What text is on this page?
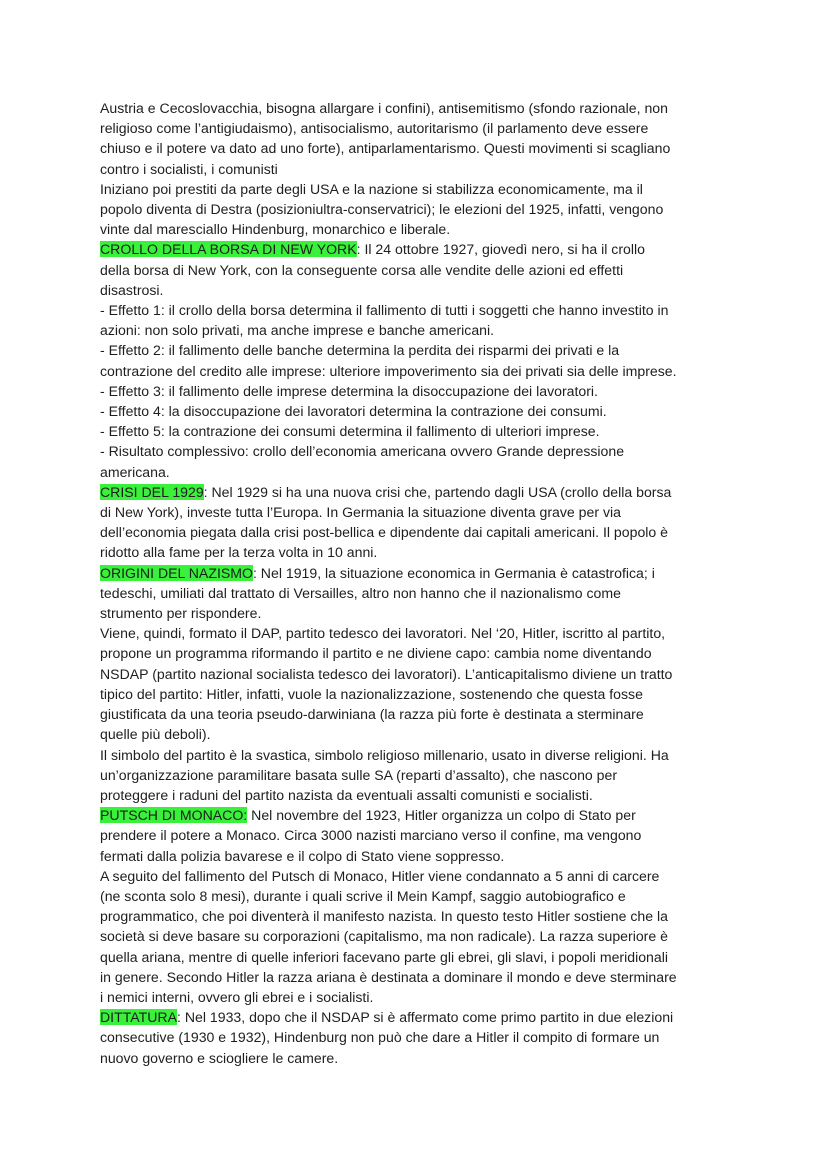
Austria e Cecoslovacchia, bisogna allargare i confini), antisemitismo (sfondo razionale, non
religioso come l’antigiudaismo), antisocialismo, autoritarismo (il parlamento deve essere
chiuso e il potere va dato ad uno forte), antiparlamentarismo. Questi movimenti si scagliano
contro i socialisti, i comunisti
Iniziano poi prestiti da parte degli USA e la nazione si stabilizza economicamente, ma il
popolo diventa di Destra (posizioniultra-conservatrici); le elezioni del 1925, infatti, vengono
vinte dal maresciallo Hindenburg, monarchico e liberale.
CROLLO DELLA BORSA DI NEW YORK: Il 24 ottobre 1927, giovedì nero, si ha il crollo
della borsa di New York, con la conseguente corsa alle vendite delle azioni ed effetti
disastrosi.
- Effetto 1: il crollo della borsa determina il fallimento di tutti i soggetti che hanno investito in
azioni: non solo privati, ma anche imprese e banche americani.
- Effetto 2: il fallimento delle banche determina la perdita dei risparmi dei privati e la
contrazione del credito alle imprese: ulteriore impoverimento sia dei privati sia delle imprese.
- Effetto 3: il fallimento delle imprese determina la disoccupazione dei lavoratori.
- Effetto 4: la disoccupazione dei lavoratori determina la contrazione dei consumi.
- Effetto 5: la contrazione dei consumi determina il fallimento di ulteriori imprese.
- Risultato complessivo: crollo dell’economia americana ovvero Grande depressione
americana.
CRISI DEL 1929: Nel 1929 si ha una nuova crisi che, partendo dagli USA (crollo della borsa
di New York), investe tutta l’Europa. In Germania la situazione diventa grave per via
dell’economia piegata dalla crisi post-bellica e dipendente dai capitali americani. Il popolo è
ridotto alla fame per la terza volta in 10 anni.
ORIGINI DEL NAZISMO: Nel 1919, la situazione economica in Germania è catastrofica; i
tedeschi, umiliati dal trattato di Versailles, altro non hanno che il nazionalismo come
strumento per rispondere.
Viene, quindi, formato il DAP, partito tedesco dei lavoratori. Nel ‘20, Hitler, iscritto al partito,
propone un programma riformando il partito e ne diviene capo: cambia nome diventando
NSDAP (partito nazional socialista tedesco dei lavoratori). L’anticapitalismo diviene un tratto
tipico del partito: Hitler, infatti, vuole la nazionalizzazione, sostenendo che questa fosse
giustificata da una teoria pseudo-darwiniana (la razza più forte è destinata a sterminare
quelle più deboli).
Il simbolo del partito è la svastica, simbolo religioso millenario, usato in diverse religioni. Ha
un’organizzazione paramilitare basata sulle SA (reparti d’assalto), che nascono per
proteggere i raduni del partito nazista da eventuali assalti comunisti e socialisti.
PUTSCH DI MONACO: Nel novembre del 1923, Hitler organizza un colpo di Stato per
prendere il potere a Monaco. Circa 3000 nazisti marciano verso il confine, ma vengono
fermati dalla polizia bavarese e il colpo di Stato viene soppresso.
A seguito del fallimento del Putsch di Monaco, Hitler viene condannato a 5 anni di carcere
(ne sconta solo 8 mesi), durante i quali scrive il Mein Kampf, saggio autobiografico e
programmatico, che poi diventerà il manifesto nazista. In questo testo Hitler sostiene che la
società si deve basare su corporazioni (capitalismo, ma non radicale). La razza superiore è
quella ariana, mentre di quelle inferiori facevano parte gli ebrei, gli slavi, i popoli meridionali
in genere. Secondo Hitler la razza ariana è destinata a dominare il mondo e deve sterminare
i nemici interni, ovvero gli ebrei e i socialisti.
DITTATURA: Nel 1933, dopo che il NSDAP si è affermato come primo partito in due elezioni
consecutive (1930 e 1932), Hindenburg non può che dare a Hitler il compito di formare un
nuovo governo e sciogliere le camere.
